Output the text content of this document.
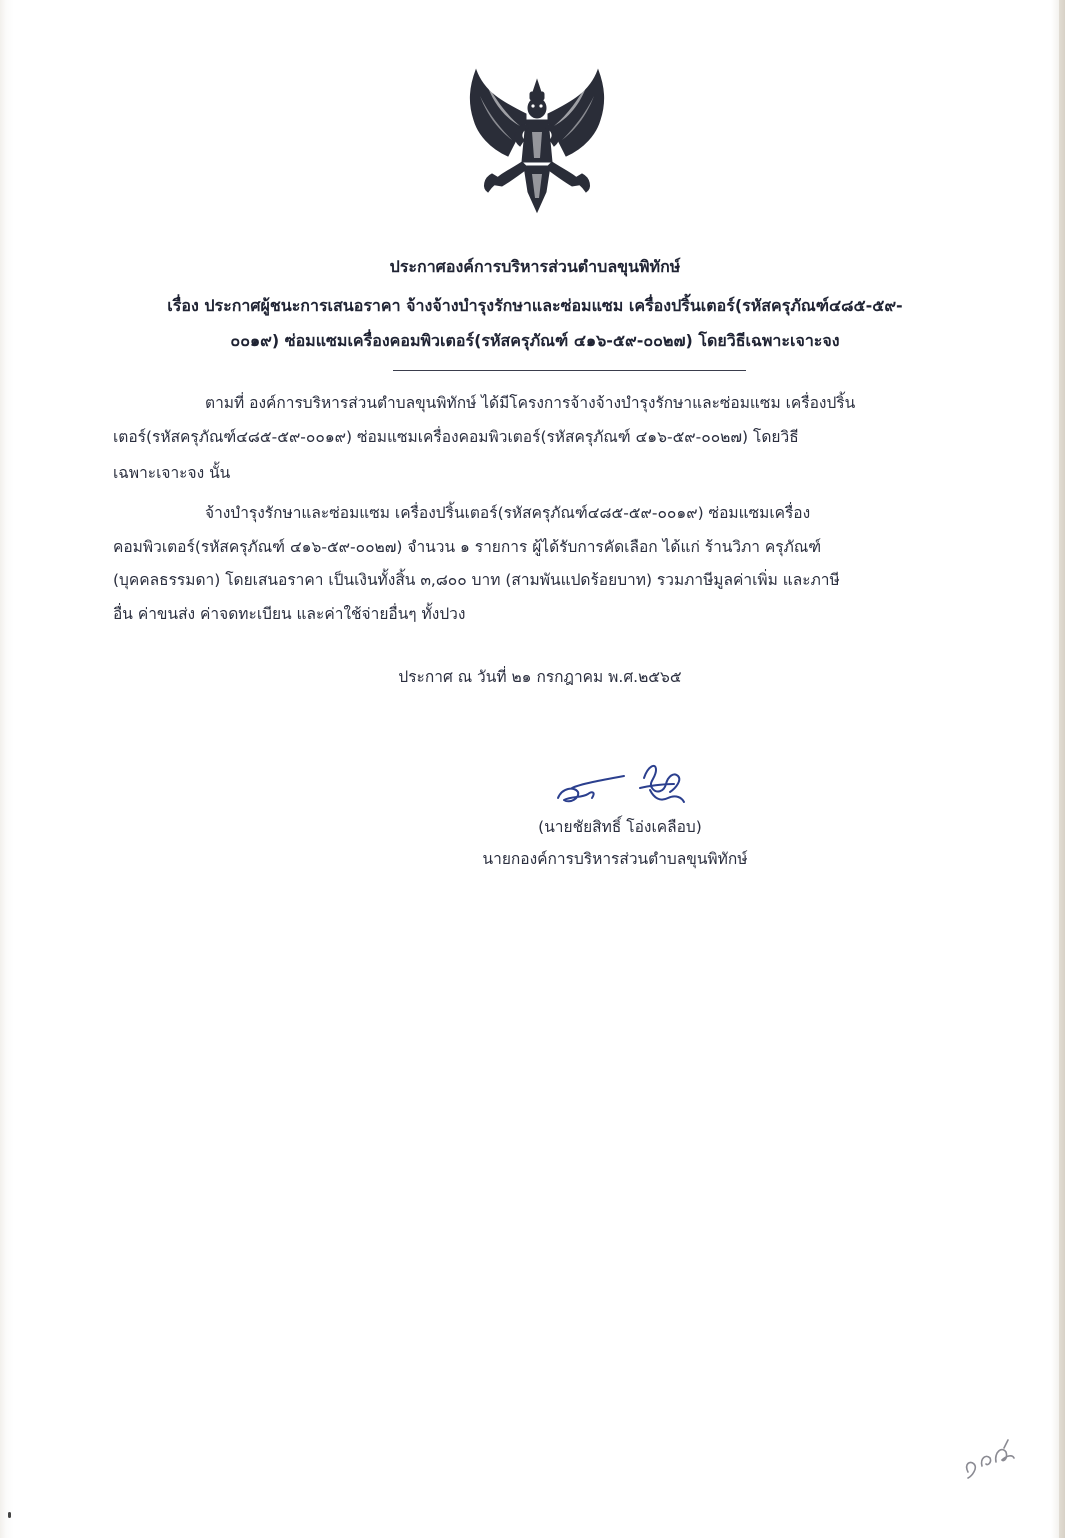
ประกาศองค์การบริหารส่วนตำบลขุนพิทักษ์
เรื่อง ประกาศผู้ชนะการเสนอราคา จ้างจ้างบำรุงรักษาและซ่อมแซม เครื่องปริ้นเตอร์(รหัสครุภัณฑ์๔๘๕-๕๙-
๐๐๑๙) ซ่อมแซมเครื่องคอมพิวเตอร์(รหัสครุภัณฑ์ ๔๑๖-๕๙-๐๐๒๗) โดยวิธีเฉพาะเจาะจง
ตามที่ องค์การบริหารส่วนตำบลขุนพิทักษ์ ได้มีโครงการจ้างจ้างบำรุงรักษาและซ่อมแซม เครื่องปริ้น
เตอร์(รหัสครุภัณฑ์๔๘๕-๕๙-๐๐๑๙) ซ่อมแซมเครื่องคอมพิวเตอร์(รหัสครุภัณฑ์ ๔๑๖-๕๙-๐๐๒๗) โดยวิธี
เฉพาะเจาะจง นั้น
จ้างบำรุงรักษาและซ่อมแซม เครื่องปริ้นเตอร์(รหัสครุภัณฑ์๔๘๕-๕๙-๐๐๑๙) ซ่อมแซมเครื่อง
คอมพิวเตอร์(รหัสครุภัณฑ์ ๔๑๖-๕๙-๐๐๒๗) จำนวน ๑ รายการ ผู้ได้รับการคัดเลือก ได้แก่ ร้านวิภา ครุภัณฑ์
(บุคคลธรรมดา) โดยเสนอราคา เป็นเงินทั้งสิ้น ๓,๘๐๐ บาท (สามพันแปดร้อยบาท) รวมภาษีมูลค่าเพิ่ม และภาษี
อื่น ค่าขนส่ง ค่าจดทะเบียน และค่าใช้จ่ายอื่นๆ ทั้งปวง
ประกาศ ณ วันที่ ๒๑ กรกฎาคม พ.ศ.๒๕๖๕
(นายชัยสิทธิ์ โอ่งเคลือบ)
นายกองค์การบริหารส่วนตำบลขุนพิทักษ์
